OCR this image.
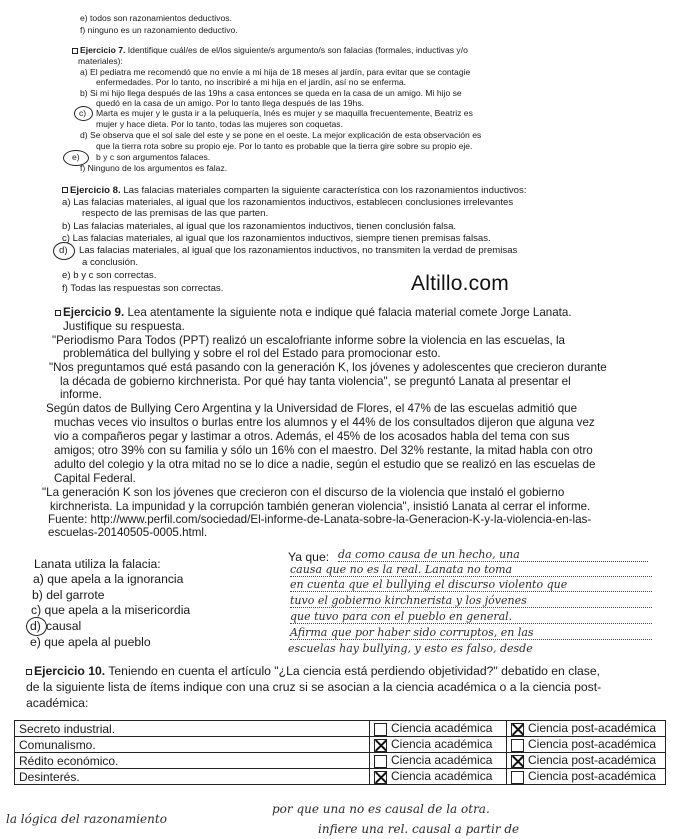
e) todos son razonamientos deductivos.
f) ninguno es un razonamiento deductivo.
Ejercicio 7. Identifique cuál/es de el/los siguiente/s argumento/s son falacias (formales, inductivas y/o
materiales):
a) El pediatra me recomendó que no envíe a mi hija de 18 meses al jardín, para evitar que se contagie
enfermedades. Por lo tanto, no inscribiré a mi hija en el jardín, así no se enferma.
b) Si mi hijo llega después de las 19hs a casa entonces se queda en la casa de un amigo. Mi hijo se
quedó en la casa de un amigo. Por lo tanto llega después de las 19hs.
c) Marta es mujer y le gusta ir a la peluquería, Inés es mujer y se maquilla frecuentemente, Beatriz es
mujer y hace dieta. Por lo tanto, todas las mujeres son coquetas.
d) Se observa que el sol sale del este y se pone en el oeste. La mejor explicación de esta observación es
que la tierra rota sobre su propio eje. Por lo tanto es probable que la tierra gire sobre su propio eje.
e) b y c son argumentos falaces.
f) Ninguno de los argumentos es falaz.
Ejercicio 8. Las falacias materiales comparten la siguiente característica con los razonamientos inductivos:
a) Las falacias materiales, al igual que los razonamientos inductivos, establecen conclusiones irrelevantes
respecto de las premisas de las que parten.
b) Las falacias materiales, al igual que los razonamientos inductivos, tienen conclusión falsa.
c) Las falacias materiales, al igual que los razonamientos inductivos, siempre tienen premisas falsas.
d) Las falacias materiales, al igual que los razonamientos inductivos, no transmiten la verdad de premisas
a conclusión.
e) b y c son correctas.
f) Todas las respuestas son correctas.	Altillo.com
Ejercicio 9. Lea atentamente la siguiente nota e indique qué falacia material comete Jorge Lanata.
Justifique su respuesta.
"Periodismo Para Todos (PPT) realizó un escalofriante informe sobre la violencia en las escuelas, la
problemática del bullying y sobre el rol del Estado para promocionar esto.
"Nos preguntamos qué está pasando con la generación K, los jóvenes y adolescentes que crecieron durante
la década de gobierno kirchnerista. Por qué hay tanta violencia", se preguntó Lanata al presentar el
informe.
Según datos de Bullying Cero Argentina y la Universidad de Flores, el 47% de las escuelas admitió que
muchas veces vio insultos o burlas entre los alumnos y el 44% de los consultados dijeron que alguna vez
vio a compañeros pegar y lastimar a otros. Además, el 45% de los acosados habla del tema con sus
amigos; otro 39% con su familia y sólo un 16% con el maestro. Del 32% restante, la mitad habla con otro
adulto del colegio y la otra mitad no se lo dice a nadie, según el estudio que se realizó en las escuelas de
Capital Federal.
"La generación K son los jóvenes que crecieron con el discurso de la violencia que instaló el gobierno
kirchnerista. La impunidad y la corrupción también generan violencia", insistió Lanata al cerrar el informe.
Fuente: http://www.perfil.com/sociedad/El-informe-de-Lanata-sobre-la-Generacion-K-y-la-violencia-en-las-
escuelas-20140505-0005.html.
Lanata utiliza la falacia:
a) que apela a la ignorancia
b) del garrote
c) que apela a la misericordia
d) causal
e) que apela al pueblo
Ya que: da como causa de un hecho, una
causa que no es la real. Lanata no toma
en cuenta que el bullying el discurso violento que
tuvo el gobierno kirchnerista y los jóvenes
que tuvo para con el pueblo en general.
Afirma que por haber sido corruptos, en las
escuelas hay bullying, y esto es falso, desde
Ejercicio 10. Teniendo en cuenta el artículo "¿La ciencia está perdiendo objetividad?" debatido en clase,
de la siguiente lista de ítems indique con una cruz si se asocian a la ciencia académica o a la ciencia post-
académica:
Secreto industrial.	Ciencia académica	Ciencia post-académica
Comunalismo.	Ciencia académica	Ciencia post-académica
Rédito económico.	Ciencia académica	Ciencia post-académica
Desinterés.	Ciencia académica	Ciencia post-académica
la lógica del razonamiento
por que una no es causal de la otra.
infiere una rel. causal a partir de
